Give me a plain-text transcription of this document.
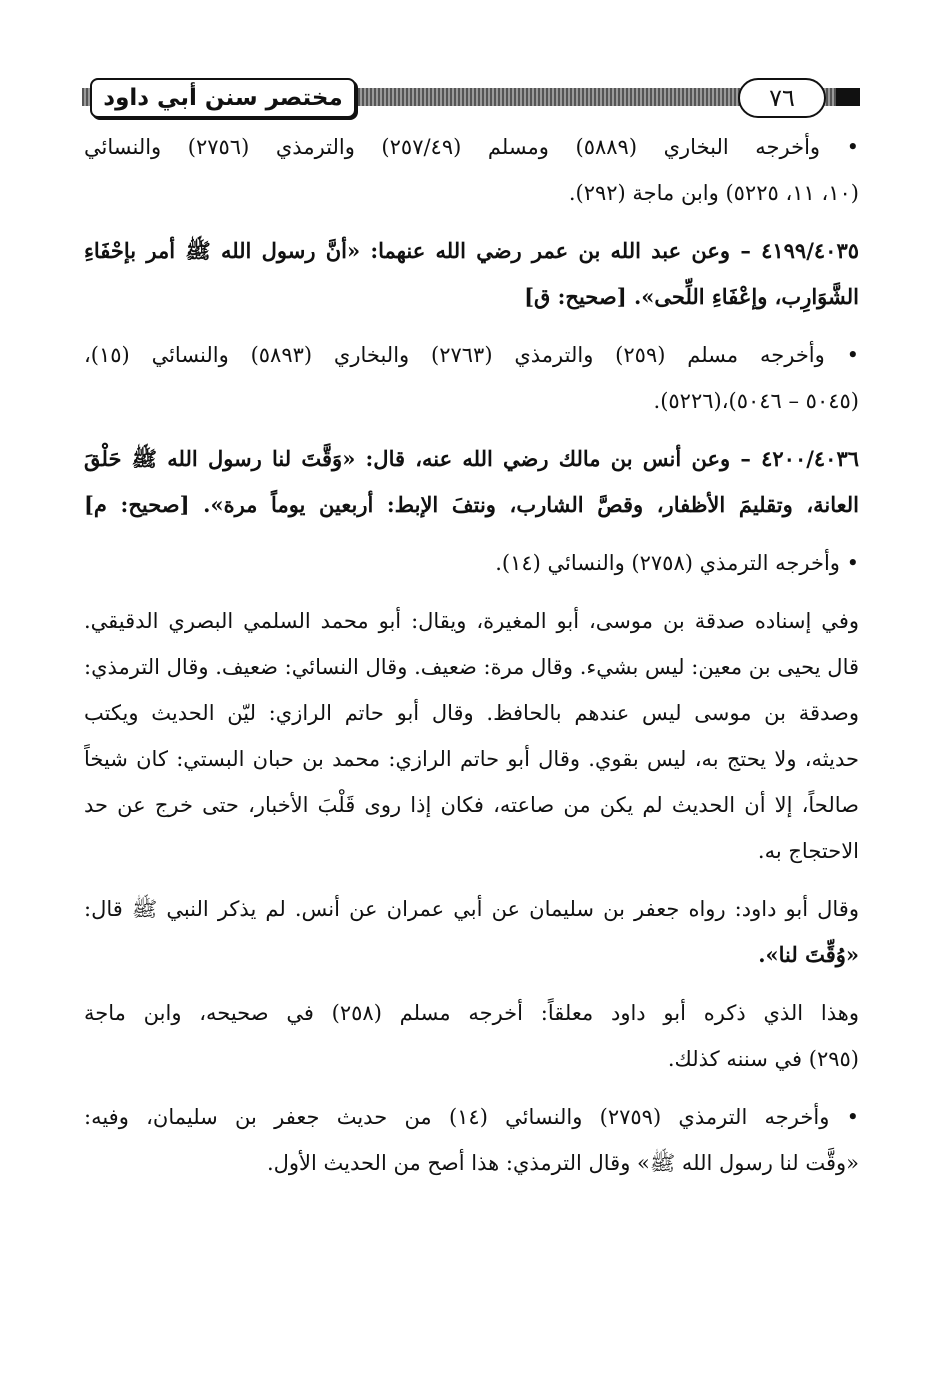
مختصر سنن أبي داود	٧٦
• وأخرجه البخاري (٥٨٨٩) ومسلم (٢٥٧/٤٩) والترمذي (٢٧٥٦) والنسائي
(١٠، ١١، ٥٢٢٥) وابن ماجة (٢٩٢).
٤١٩٩/٤٠٣٥ – وعن عبد الله بن عمر رضي الله عنهما: «أنَّ رسول الله ﷺ أمر بإحْفَاءِ
الشَّوَارِب، وإعْفَاءِ اللِّحى». [صحيح: ق]
• وأخرجه مسلم (٢٥٩) والترمذي (٢٧٦٣) والبخاري (٥٨٩٣) والنسائي (١٥)،
(٥٠٤٥ – ٥٠٤٦)،(٥٢٢٦).
٤٢٠٠/٤٠٣٦ – وعن أنس بن مالك رضي الله عنه، قال: «وَقَّتَ لنا رسول الله ﷺ حَلْقَ
العانة، وتقليمَ الأظفار، وقصَّ الشارب، ونتفَ الإبط: أربعين يوماً مرة». [صحيح: م]
• وأخرجه الترمذي (٢٧٥٨) والنسائي (١٤).
وفي إسناده صدقة بن موسى، أبو المغيرة، ويقال: أبو محمد السلمي البصري الدقيقي.
قال يحيى بن معين: ليس بشيء. وقال مرة: ضعيف. وقال النسائي: ضعيف. وقال الترمذي:
وصدقة بن موسى ليس عندهم بالحافظ. وقال أبو حاتم الرازي: ليّن الحديث ويكتب
حديثه، ولا يحتج به، ليس بقوي. وقال أبو حاتم الرازي: محمد بن حبان البستي: كان شيخاً
صالحاً، إلا أن الحديث لم يكن من صاعته، فكان إذا روى قَلْبَ الأخبار، حتى خرج عن حد
الاحتجاج به.
وقال أبو داود: رواه جعفر بن سليمان عن أبي عمران عن أنس. لم يذكر النبي ﷺ قال:
«وُقِّتَ لنا».
وهذا الذي ذكره أبو داود معلقاً: أخرجه مسلم (٢٥٨) في صحيحه، وابن ماجة
(٢٩٥) في سننه كذلك.
• وأخرجه الترمذي (٢٧٥٩) والنسائي (١٤) من حديث جعفر بن سليمان، وفيه:
«وقَّت لنا رسول الله ﷺ» وقال الترمذي: هذا أصح من الحديث الأول.
